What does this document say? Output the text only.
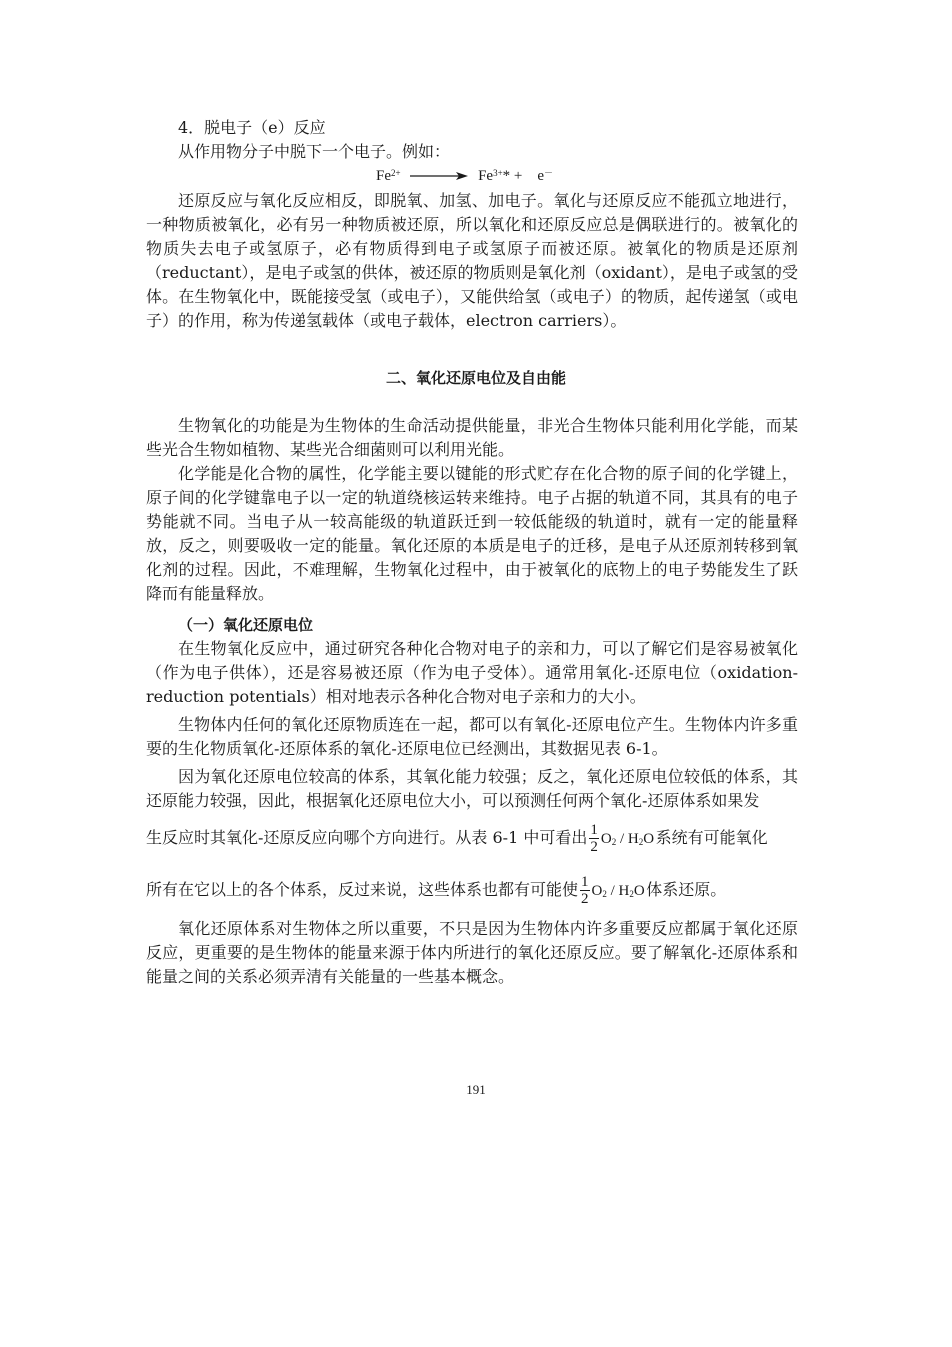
4．脱电子（e）反应

从作用物分子中脱下一个电子。例如：

$Fe^{2+} \to Fe^{3+}*$ +　e－

还原反应与氧化反应相反，即脱氧、加氢、加电子。氧化与还原反应不能孤立地进行，一种物质被氧化，必有另一种物质被还原，所以氧化和还原反应总是偶联进行的。被氧化的物质失去电子或氢原子，必有物质得到电子或氢原子而被还原。被氧化的物质是还原剂（reductant），是电子或氢的供体，被还原的物质则是氧化剂（oxidant），是电子或氢的受体。在生物氧化中，既能接受氢（或电子），又能供给氢（或电子）的物质，起传递氢（或电子）的作用，称为传递氢载体（或电子载体，electron carriers）。

二、氧化还原电位及自由能

生物氧化的功能是为生物体的生命活动提供能量，非光合生物体只能利用化学能，而某些光合生物如植物、某些光合细菌则可以利用光能。

化学能是化合物的属性，化学能主要以键能的形式贮存在化合物的原子间的化学键上，原子间的化学键靠电子以一定的轨道绕核运转来维持。电子占据的轨道不同，其具有的电子势能就不同。当电子从一较高能级的轨道跃迁到一较低能级的轨道时，就有一定的能量释放，反之，则要吸收一定的能量。氧化还原的本质是电子的迁移，是电子从还原剂转移到氧化剂的过程。因此，不难理解，生物氧化过程中，由于被氧化的底物上的电子势能发生了跃降而有能量释放。

（一）氧化还原电位

在生物氧化反应中，通过研究各种化合物对电子的亲和力，可以了解它们是容易被氧化（作为电子供体），还是容易被还原（作为电子受体）。通常用氧化-还原电位（oxidation-reduction potentials）相对地表示各种化合物对电子亲和力的大小。

生物体内任何的氧化还原物质连在一起，都可以有氧化-还原电位产生。生物体内许多重要的生化物质氧化-还原体系的氧化-还原电位已经测出，其数据见表 6-1。

因为氧化还原电位较高的体系，其氧化能力较强；反之，氧化还原电位较低的体系，其还原能力较强，因此，根据氧化还原电位大小，可以预测任何两个氧化-还原体系如果发

生反应时其氧化-还原反应向哪个方向进行。从表 6-1 中可看出 $\frac{1}{2} O_2 / H_2O$ 系统有可能氧化
所有在它以上的各个体系，反过来说，这些体系也都有可能使 $\frac{1}{2} O_2 / H_2O$ 体系还原。

氧化还原体系对生物体之所以重要，不只是因为生物体内许多重要反应都属于氧化还原反应，更重要的是生物体的能量来源于体内所进行的氧化还原反应。要了解氧化-还原体系和能量之间的关系必须弄清有关能量的一些基本概念。

191
